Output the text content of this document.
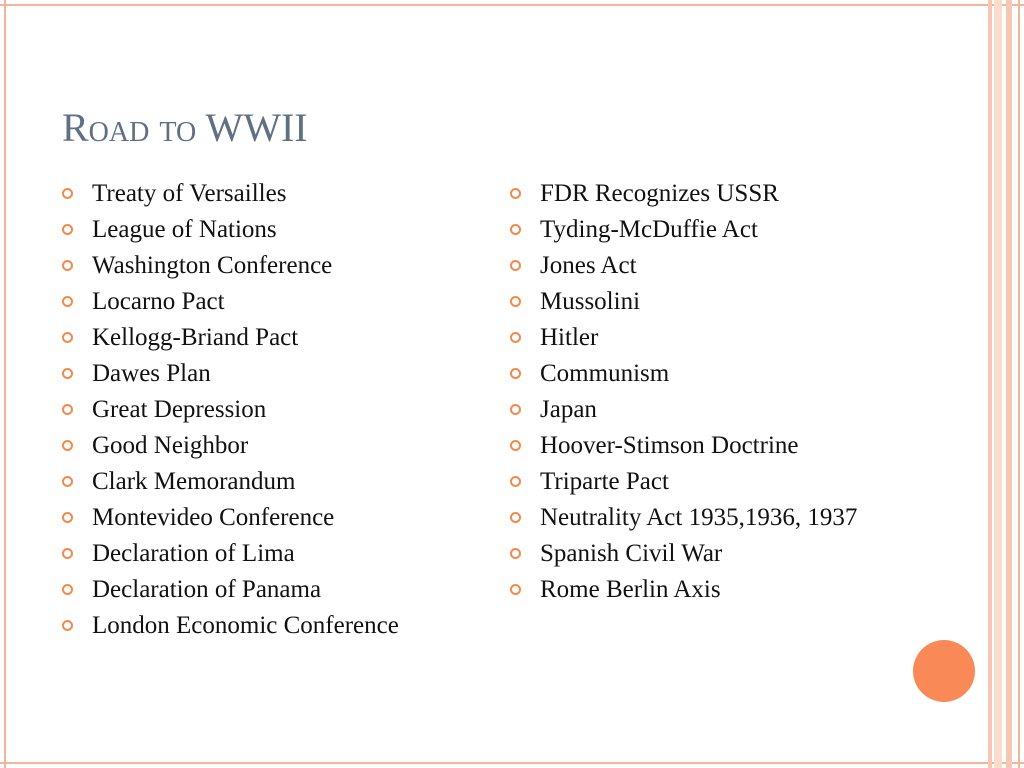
Road to WWII
Treaty of Versailles
League of Nations
Washington Conference
Locarno Pact
Kellogg-Briand Pact
Dawes Plan
Great Depression
Good Neighbor
Clark Memorandum
Montevideo Conference
Declaration of Lima
Declaration of Panama
London Economic Conference
FDR Recognizes USSR
Tyding-McDuffie Act
Jones Act
Mussolini
Hitler
Communism
Japan
Hoover-Stimson Doctrine
Triparte Pact
Neutrality Act 1935,1936, 1937
Spanish Civil War
Rome Berlin Axis
